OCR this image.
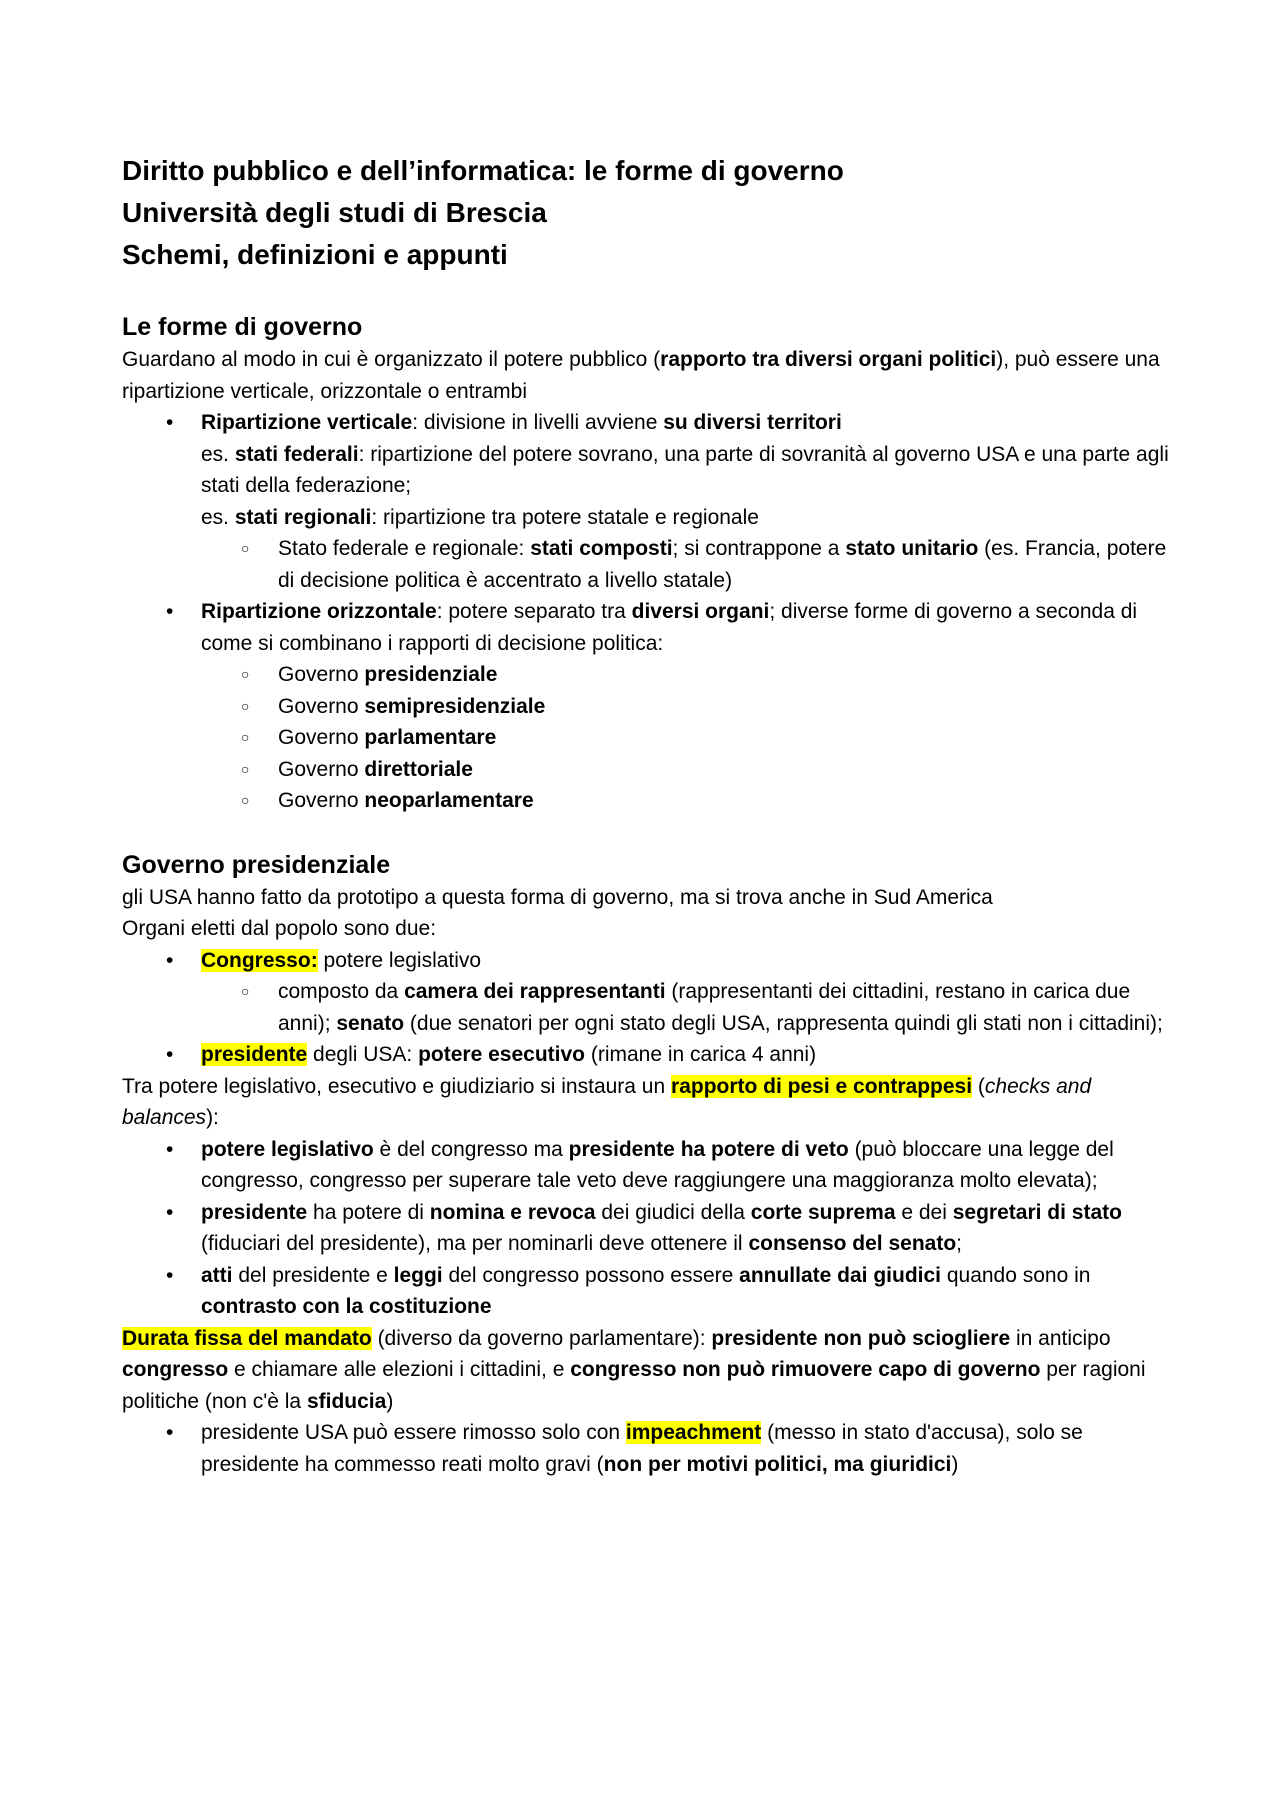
Diritto pubblico e dell’informatica: le forme di governo

Università degli studi di Brescia

Schemi, definizioni e appunti

Le forme di governo

Guardano al modo in cui è organizzato il potere pubblico (rapporto tra diversi organi politici), può essere una ripartizione verticale, orizzontale o entrambi

• Ripartizione verticale: divisione in livelli avviene su diversi territori

es. stati federali: ripartizione del potere sovrano, una parte di sovranità al governo USA e una parte agli stati della federazione;

es. stati regionali: ripartizione tra potere statale e regionale

○ Stato federale e regionale: stati composti; si contrappone a stato unitario (es. Francia, potere di decisione politica è accentrato a livello statale)
• Ripartizione orizzontale: potere separato tra diversi organi; diverse forme di governo a seconda di come si combinano i rapporti di decisione politica:
○ Governo presidenziale
○ Governo semipresidenziale
○ Governo parlamentare
○ Governo direttoriale
○ Governo neoparlamentare

Governo presidenziale

gli USA hanno fatto da prototipo a questa forma di governo, ma si trova anche in Sud America

Organi eletti dal popolo sono due:

• Congresso: potere legislativo
○ composto da camera dei rappresentanti (rappresentanti dei cittadini, restano in carica due anni); senato (due senatori per ogni stato degli USA, rappresenta quindi gli stati non i cittadini);
• presidente degli USA: potere esecutivo (rimane in carica 4 anni)

Tra potere legislativo, esecutivo e giudiziario si instaura un rapporto di pesi e contrappesi (checks and balances):

• potere legislativo è del congresso ma presidente ha potere di veto (può bloccare una legge del congresso, congresso per superare tale veto deve raggiungere una maggioranza molto elevata);
• presidente ha potere di nomina e revoca dei giudici della corte suprema e dei segretari di stato (fiduciari del presidente), ma per nominarli deve ottenere il consenso del senato;
• atti del presidente e leggi del congresso possono essere annullate dai giudici quando sono in contrasto con la costituzione

Durata fissa del mandato (diverso da governo parlamentare): presidente non può sciogliere in anticipo congresso e chiamare alle elezioni i cittadini, e congresso non può rimuovere capo di governo per ragioni politiche (non c'è la sfiducia)

• presidente USA può essere rimosso solo con impeachment (messo in stato d'accusa), solo se presidente ha commesso reati molto gravi (non per motivi politici, ma giuridici)
